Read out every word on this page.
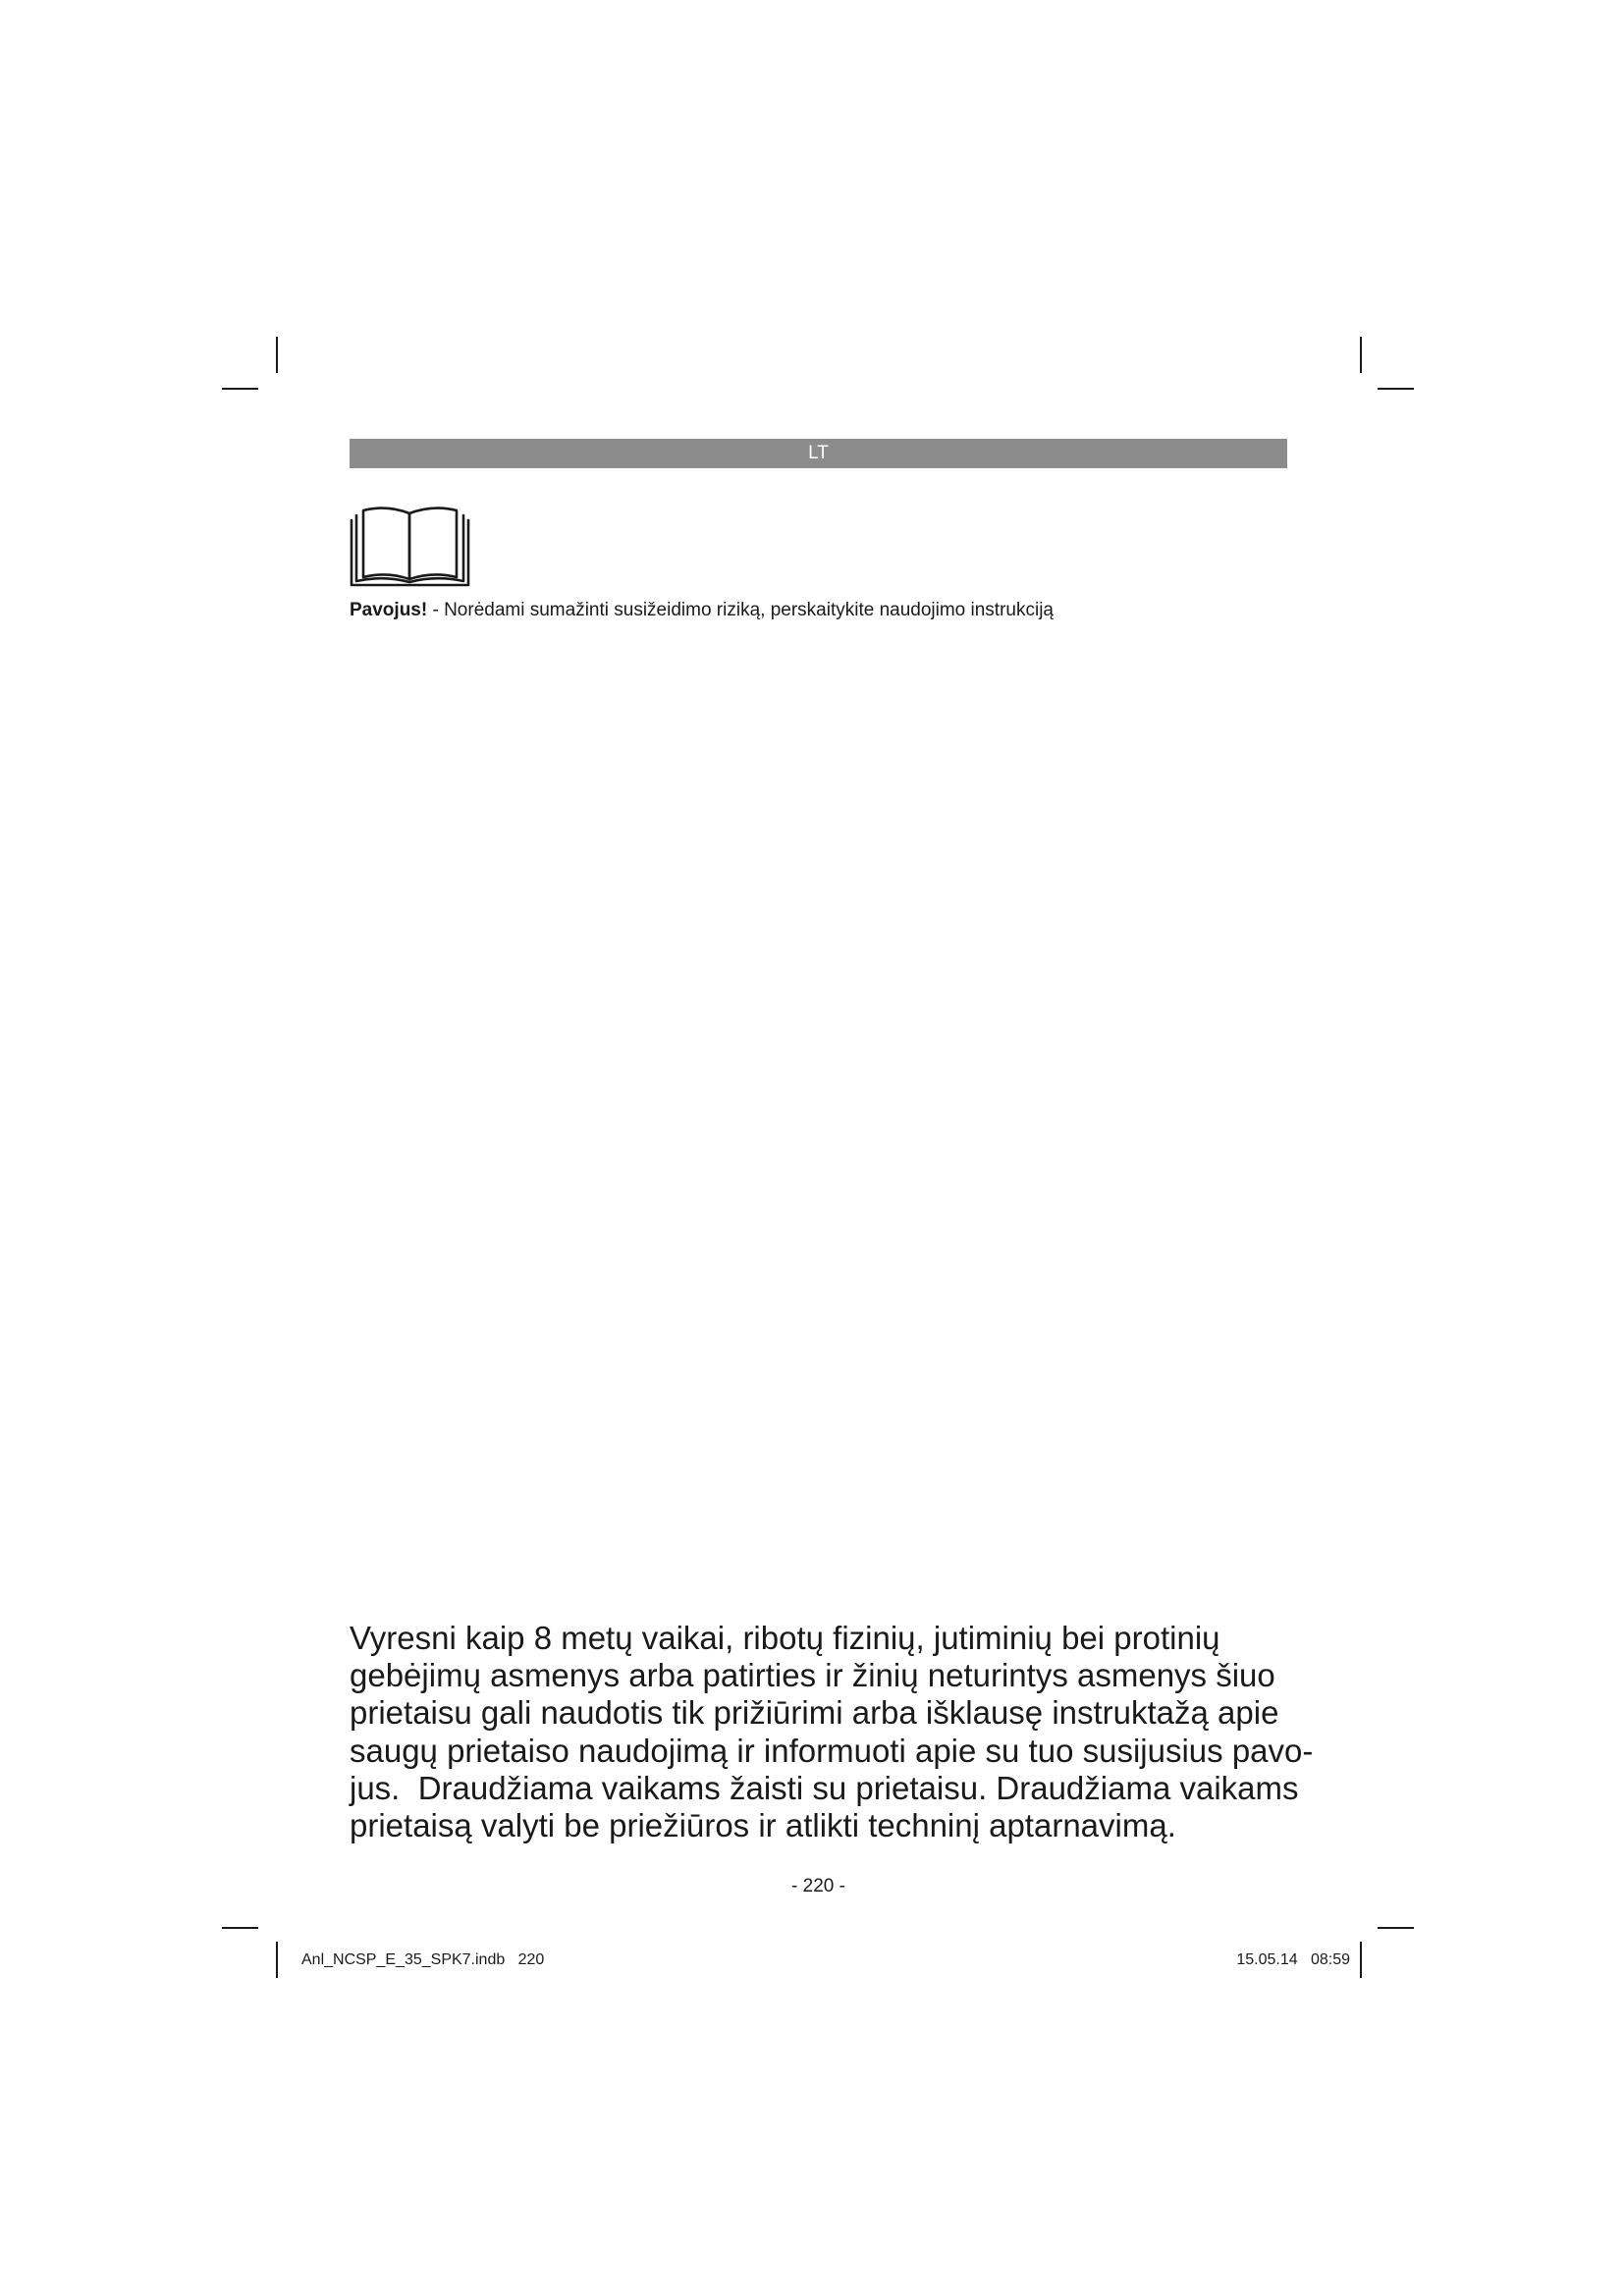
LT
Pavojus! - Norėdami sumažinti susižeidimo riziką, perskaitykite naudojimo instrukciją
Vyresni kaip 8 metų vaikai, ribotų fizinių, jutiminių bei protinių
gebėjimų asmenys arba patirties ir žinių neturintys asmenys šiuo
prietaisu gali naudotis tik prižiūrimi arba išklausę instruktažą apie
saugų prietaiso naudojimą ir informuoti apie su tuo susijusius pavo-
jus.  Draudžiama vaikams žaisti su prietaisu. Draudžiama vaikams
prietaisą valyti be priežiūros ir atlikti techninį aptarnavimą.
- 220 -
Anl_NCSP_E_35_SPK7.indb   220	15.05.14   08:59
